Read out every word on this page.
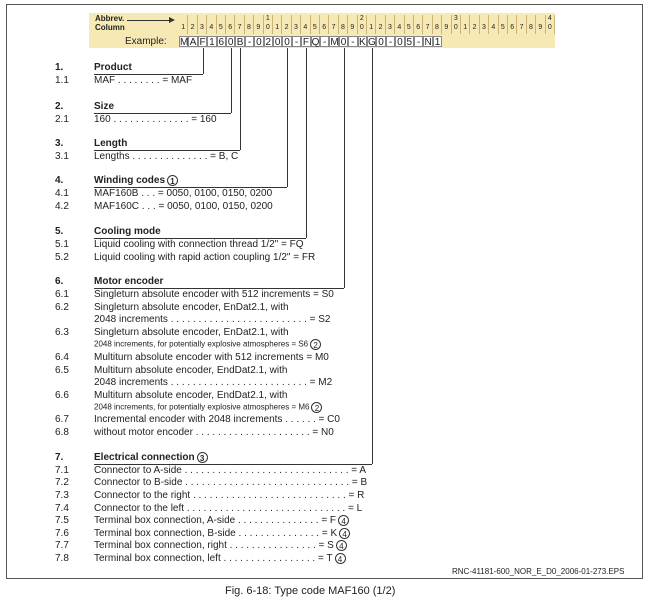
Abbrev.
Column
Example:
1 2 3 4 5 6 7 8 9 0
1
1 2 3 4 5 6 7 8 9 0
2
1 2 3 4 5 6 7 8 9 0
3
1 2 3 4 5 6 7 8 9 0
4
M A F 1 6 0 B - 0 2 0 0 - F Q - M 0 - K G 0 - 0 5 - N 1
1.	Product
1.1	MAF . . . . . . . . = MAF
2.	Size
2.1	160 . . . . . . . . . . . . . . = 160
3.	Length
3.1	Lengths . . . . . . . . . . . . . . = B, C
4.	Winding codes 1
4.1	MAF160B . . . = 0050, 0100, 0150, 0200
4.2	MAF160C . . . = 0050, 0100, 0150, 0200
5.	Cooling mode
5.1	Liquid cooling with connection thread 1/2" = FQ
5.2	Liquid cooling with rapid action coupling 1/2" = FR
6.	Motor encoder
6.1	Singleturn absolute encoder with 512 increments = S0
6.2	Singleturn absolute encoder, EnDat2.1, with
2048 increments . . . . . . . . . . . . . . . . . . . . . . . . . = S2
6.3	Singleturn absolute encoder, EnDat2.1, with
2048 increments, for potentially explosive atmospheres = S6 2
6.4	Multiturn absolute encoder with 512 increments = M0
6.5	Multiturn absolute encoder, EndDat2.1, with
2048 increments . . . . . . . . . . . . . . . . . . . . . . . . . = M2
6.6	Multiturn absolute encoder, EndDat2.1, with
2048 increments, for potentially explosive atmospheres = M6 2
6.7	Incremental encoder with 2048 increments . . . . . . = C0
6.8	without motor encoder . . . . . . . . . . . . . . . . . . . . . = N0
7.	Electrical connection 3
7.1	Connector to A-side . . . . . . . . . . . . . . . . . . . . . . . . . . . . . . = A
7.2	Connector to B-side . . . . . . . . . . . . . . . . . . . . . . . . . . . . . . = B
7.3	Connector to the right . . . . . . . . . . . . . . . . . . . . . . . . . . . . = R
7.4	Connector to the left . . . . . . . . . . . . . . . . . . . . . . . . . . . . . = L
7.5	Terminal box connection, A-side . . . . . . . . . . . . . . . = F 4
7.6	Terminal box connection, B-side . . . . . . . . . . . . . . . = K 4
7.7	Terminal box connection, right . . . . . . . . . . . . . . . . = S 4
7.8	Terminal box connection, left . . . . . . . . . . . . . . . . . = T 4
RNC-41181-600_NOR_E_D0_2006-01-273.EPS
Fig. 6-18: Type code MAF160 (1/2)
